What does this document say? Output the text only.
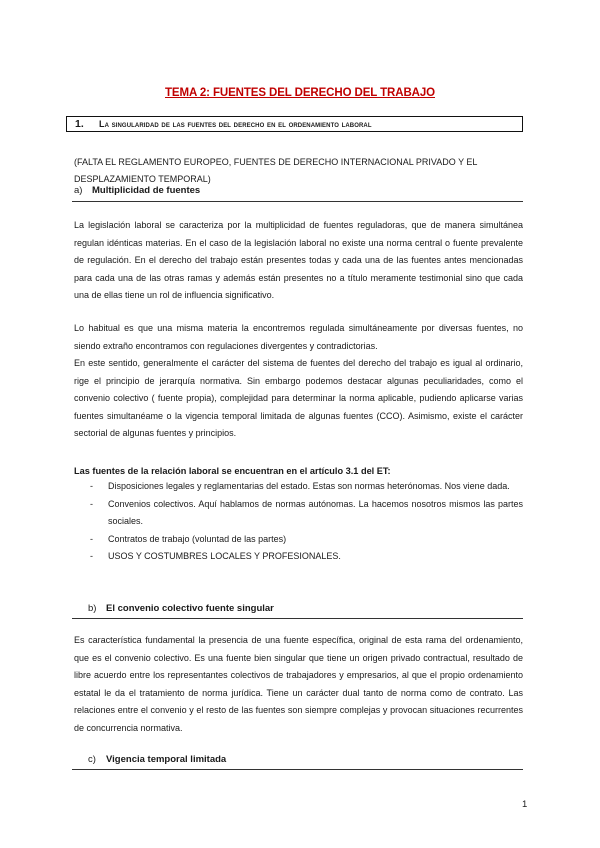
TEMA 2: FUENTES DEL DERECHO DEL TRABAJO
1.	La singularidad de las fuentes del derecho en el ordenamiento laboral
(FALTA EL REGLAMENTO EUROPEO, FUENTES DE DERECHO INTERNACIONAL PRIVADO Y EL DESPLAZAMIENTO TEMPORAL)
a)	Multiplicidad de fuentes
La legislación laboral se caracteriza por la multiplicidad de fuentes reguladoras, que de manera simultánea regulan idénticas materias. En el caso de la legislación laboral no existe una norma central o fuente prevalente de regulación. En el derecho del trabajo están presentes todas y cada una de las fuentes antes mencionadas para cada una de las otras ramas y además están presentes no a título meramente testimonial sino que cada una de ellas tiene un rol de influencia significativo.
Lo habitual es que una misma materia la encontremos regulada simultáneamente por diversas fuentes, no siendo extraño encontramos con regulaciones divergentes y contradictorias.
En este sentido, generalmente el carácter del sistema de fuentes del derecho del trabajo es igual al ordinario, rige el principio de jerarquía normativa. Sin embargo podemos destacar algunas peculiaridades, como el convenio colectivo ( fuente propia), complejidad para determinar la norma aplicable, pudiendo aplicarse varias fuentes simultanéame o la vigencia temporal limitada de algunas fuentes (CCO). Asimismo, existe el carácter sectorial de algunas fuentes y principios.
Las fuentes de la relación laboral se encuentran en el artículo 3.1 del ET:
-	Disposiciones legales y reglamentarias del estado. Estas son normas heterónomas. Nos viene dada.
-	Convenios colectivos. Aquí hablamos de normas autónomas. La hacemos nosotros mismos las partes sociales.
-	Contratos de trabajo (voluntad de las partes)
-	USOS Y COSTUMBRES LOCALES Y PROFESIONALES.
b)	El convenio colectivo fuente singular
Es característica fundamental la presencia de una fuente específica, original de esta rama del ordenamiento, que es el convenio colectivo. Es una fuente bien singular que tiene un origen privado contractual, resultado de libre acuerdo entre los representantes colectivos de trabajadores y empresarios, al que el propio ordenamiento estatal le da el tratamiento de norma jurídica. Tiene un carácter dual tanto de norma como de contrato. Las relaciones entre el convenio y el resto de las fuentes son siempre complejas y provocan situaciones recurrentes de concurrencia normativa.
c)	Vigencia temporal limitada
1
